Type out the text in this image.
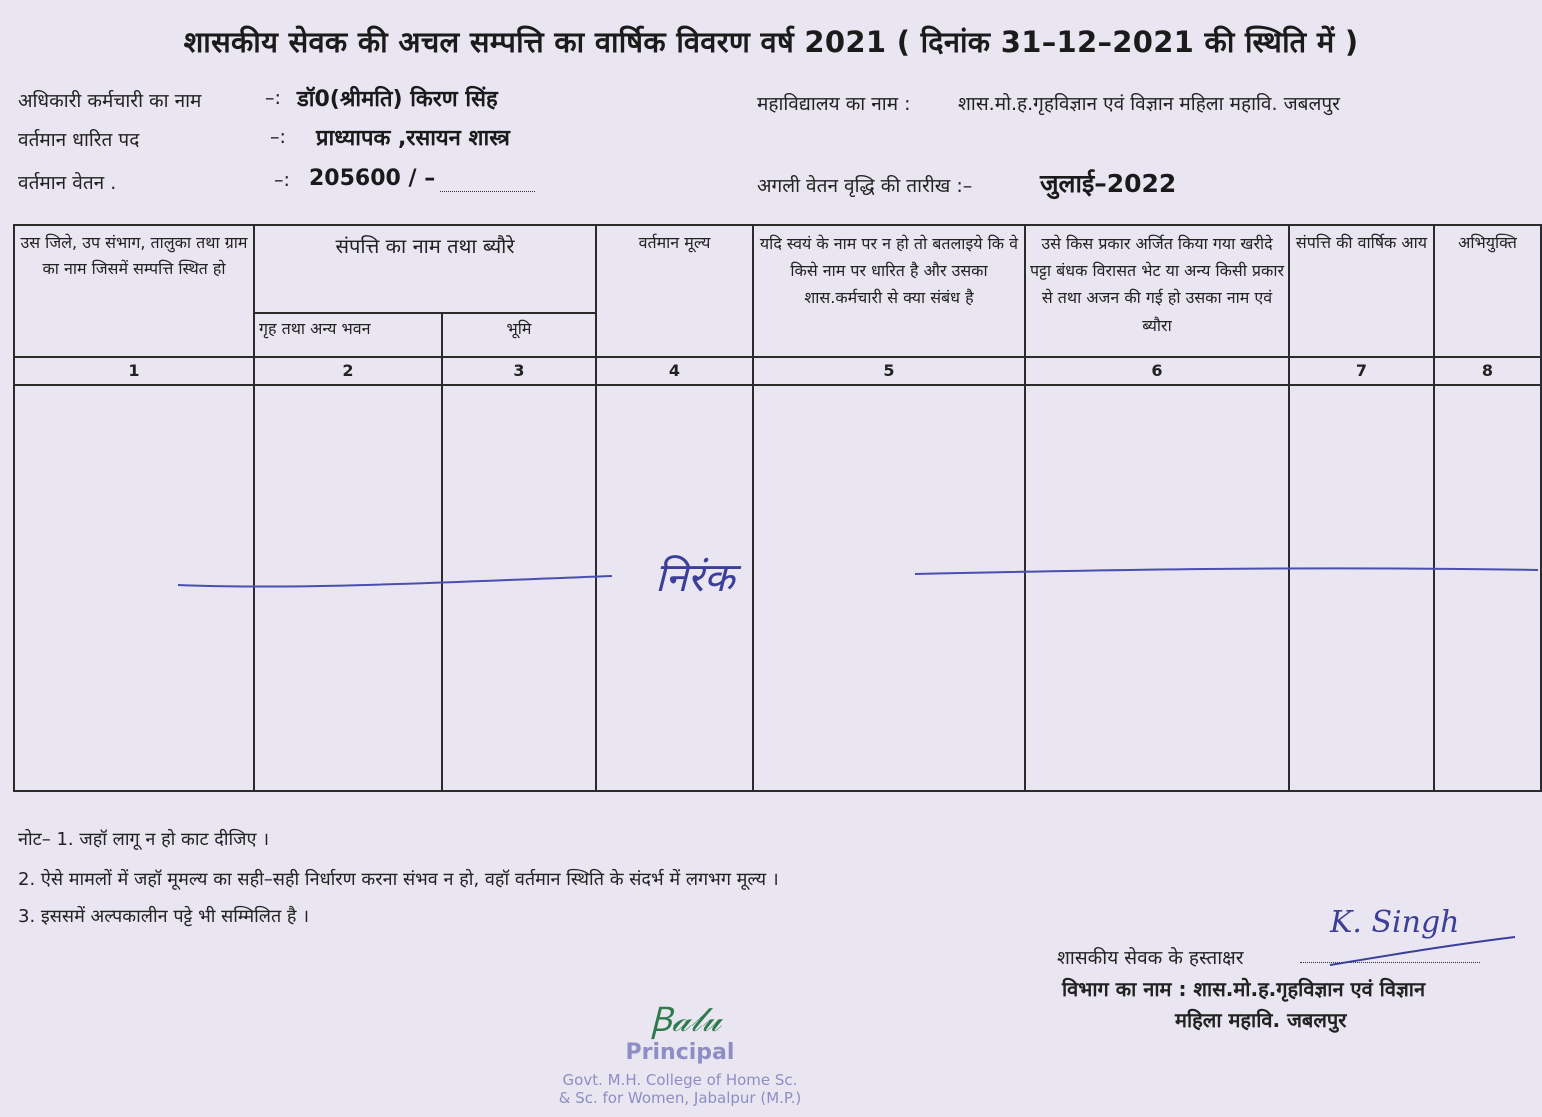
शासकीय सेवक की अचल सम्पत्ति का वार्षिक विवरण वर्ष 2021 ( दिनांक 31–12–2021 की स्थिति में )
अधिकारी कर्मचारी का नाम	–: डॉ0(श्रीमति) किरण सिंह
वर्तमान धारित पद	–: प्राध्यापक ,रसायन शास्त्र
वर्तमान वेतन .	–: 205600 / –
महाविद्यालय का नाम : शास.मो.ह.गृहविज्ञान एवं विज्ञान महिला महावि. जबलपुर
अगली वेतन वृद्धि की तारीख :–	जुलाई–2022
उस जिले, उप संभाग, तालुका तथा ग्राम का नाम जिसमें सम्पत्ति स्थित हो	संपत्ति का नाम तथा ब्यौरे		वर्तमान मूल्य	यदि स्वयं के नाम पर न हो तो बतलाइये कि वे किसे नाम पर धारित है और उसका शास.कर्मचारी से क्या संबंध है	उसे किस प्रकार अर्जित किया गया खरीदे पट्टा बंधक विरासत भेट या अन्य किसी प्रकार से तथा अजन की गई हो उसका नाम एवं ब्यौरा	संपत्ति की वार्षिक आय	अभियुक्ति
	गृह तथा अन्य भवन	भूमि					
1	2	3	4	5	6	7	8

निरंक
नोट– 1. जहॉ लागू न हो काट दीजिए ।
2. ऐसे मामलों में जहॉ मूमल्य का सही–सही निर्धारण करना संभव न हो, वहॉ वर्तमान स्थिति के संदर्भ में लगभग मूल्य ।
3. इससमें अल्पकालीन पट्टे भी सम्मिलित है ।
शासकीय सेवक के हस्ताक्षर
K. Singh
विभाग का नाम : शास.मो.ह.गृहविज्ञान एवं विज्ञान
महिला महावि. जबलपुर
Ꞵ𝒶𝓁𝓊
Principal
Govt. M.H. College of Home Sc.
& Sc. for Women, Jabalpur (M.P.)
